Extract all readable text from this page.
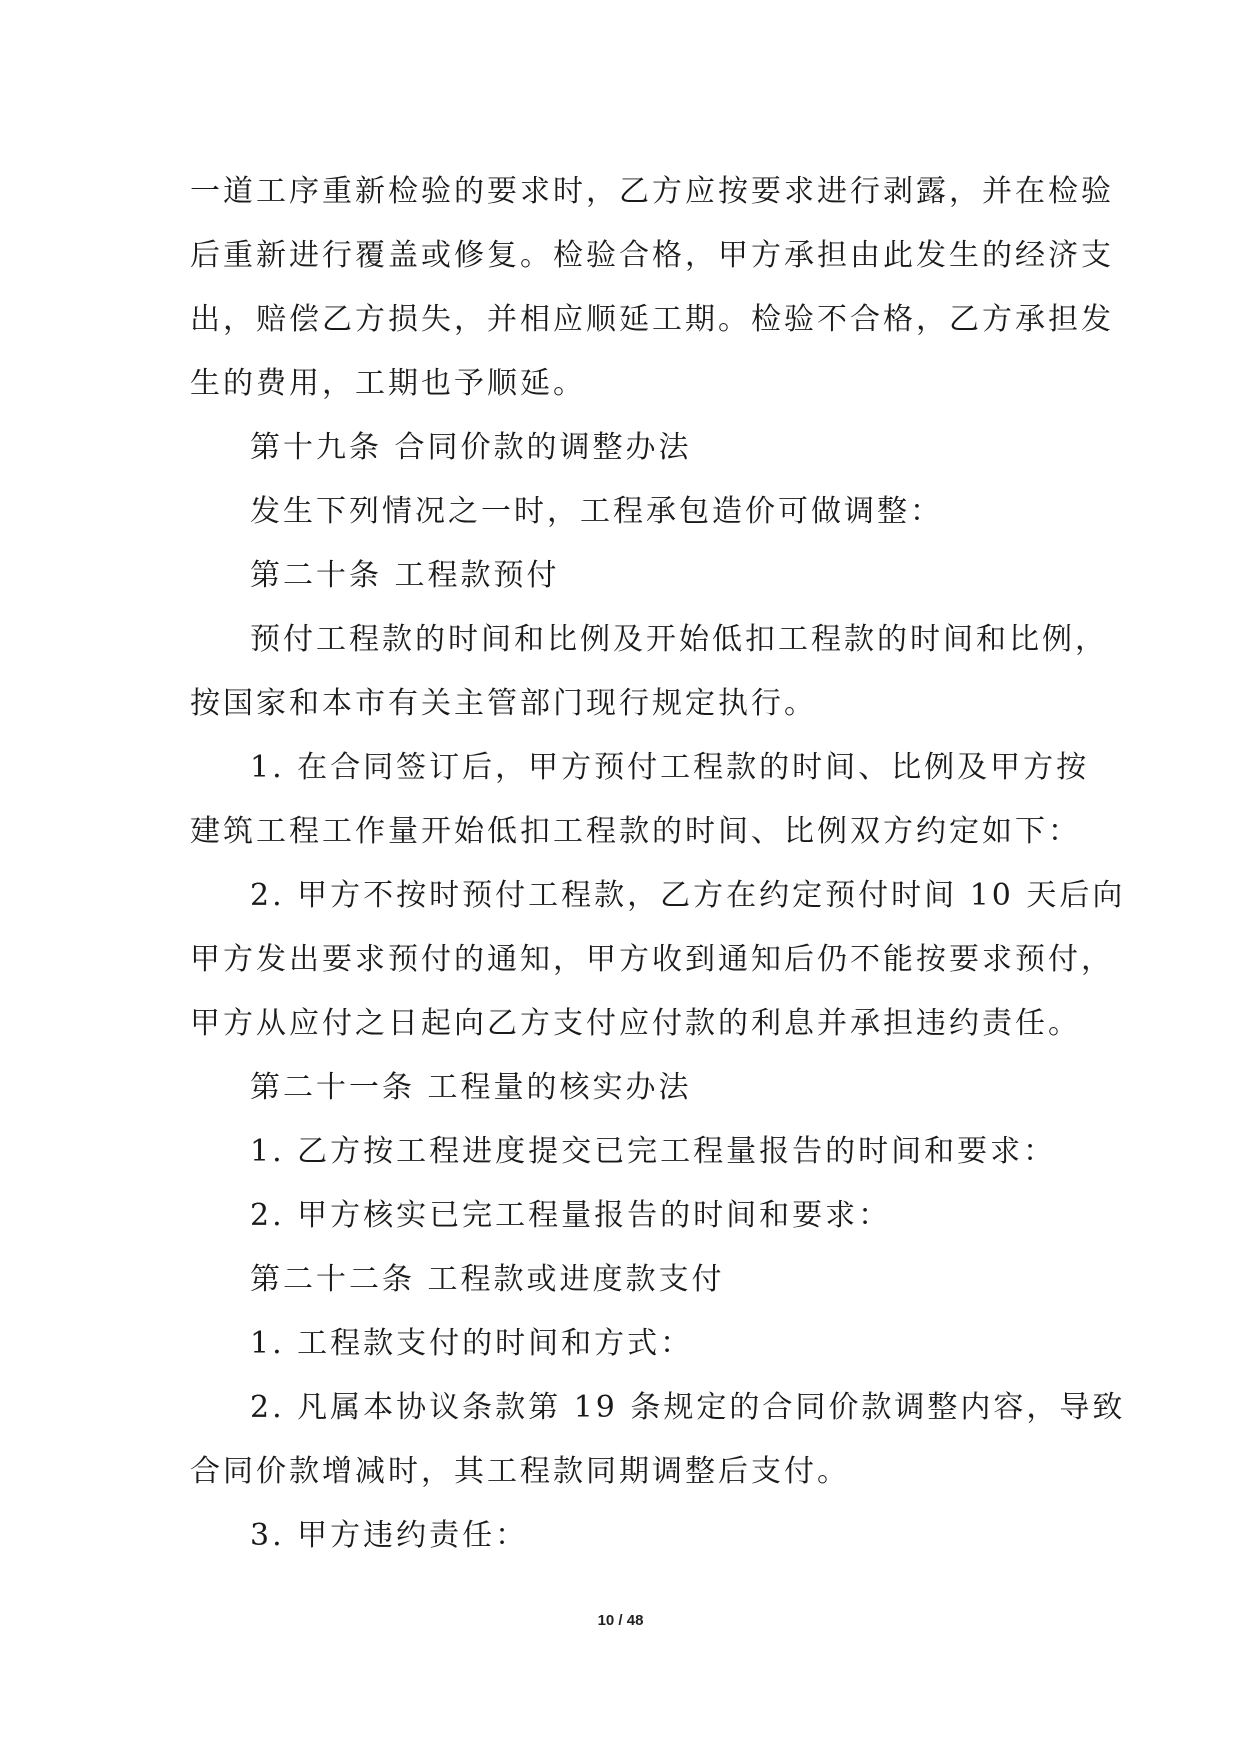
一道工序重新检验的要求时，乙方应按要求进行剥露，并在检验
后重新进行覆盖或修复。检验合格，甲方承担由此发生的经济支
出，赔偿乙方损失，并相应顺延工期。检验不合格，乙方承担发
生的费用，工期也予顺延。
第十九条 合同价款的调整办法
发生下列情况之一时，工程承包造价可做调整：
第二十条 工程款预付
预付工程款的时间和比例及开始低扣工程款的时间和比例，
按国家和本市有关主管部门现行规定执行。
1. 在合同签订后，甲方预付工程款的时间、比例及甲方按
建筑工程工作量开始低扣工程款的时间、比例双方约定如下：
2. 甲方不按时预付工程款，乙方在约定预付时间 10 天后向
甲方发出要求预付的通知，甲方收到通知后仍不能按要求预付，
甲方从应付之日起向乙方支付应付款的利息并承担违约责任。
第二十一条 工程量的核实办法
1. 乙方按工程进度提交已完工程量报告的时间和要求：
2. 甲方核实已完工程量报告的时间和要求：
第二十二条 工程款或进度款支付
1. 工程款支付的时间和方式：
2. 凡属本协议条款第 19 条规定的合同价款调整内容，导致
合同价款增减时，其工程款同期调整后支付。
3. 甲方违约责任：
10 / 48
